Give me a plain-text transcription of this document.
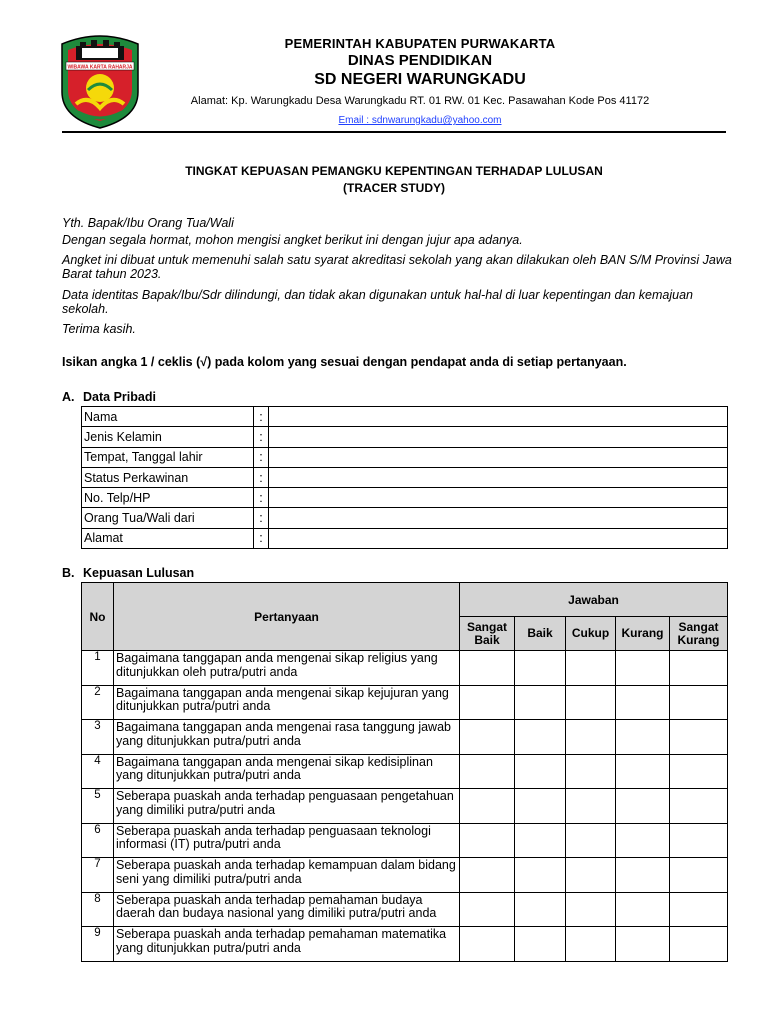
WIBAWA KARTA RAHARJA
PEMERINTAH KABUPATEN PURWAKARTA
DINAS PENDIDIKAN
SD NEGERI WARUNGKADU
Alamat: Kp. Warungkadu Desa Warungkadu RT. 01 RW. 01 Kec. Pasawahan Kode Pos 41172
Email : sdnwarungkadu@yahoo.com
TINGKAT KEPUASAN PEMANGKU KEPENTINGAN TERHADAP LULUSAN
(TRACER STUDY)
Yth. Bapak/Ibu Orang Tua/Wali
Dengan segala hormat, mohon mengisi angket berikut ini dengan jujur apa adanya.
Angket ini dibuat untuk memenuhi salah satu syarat akreditasi sekolah yang akan dilakukan oleh BAN S/M Provinsi Jawa Barat tahun 2023.
Data identitas Bapak/Ibu/Sdr dilindungi, dan tidak akan digunakan untuk hal-hal di luar kepentingan dan kemajuan sekolah.
Terima kasih.
Isikan angka 1 / ceklis (√) pada kolom yang sesuai dengan pendapat anda di setiap pertanyaan.
A. Data Pribadi
Nama	:	
Jenis Kelamin	:	
Tempat, Tanggal lahir	:	
Status Perkawinan	:	
No. Telp/HP	:	
Orang Tua/Wali dari	:	
Alamat	:	
B. Kepuasan Lulusan
No	Pertanyaan	Jawaban				
		Sangat Baik	Baik	Cukup	Kurang	Sangat Kurang
1	Bagaimana tanggapan anda mengenai sikap religius yang ditunjukkan oleh putra/putri anda					
2	Bagaimana tanggapan anda mengenai sikap kejujuran yang ditunjukkan putra/putri anda					
3	Bagaimana tanggapan anda mengenai rasa tanggung jawab yang ditunjukkan putra/putri anda					
4	Bagaimana tanggapan anda mengenai sikap kedisiplinan yang ditunjukkan putra/putri anda					
5	Seberapa puaskah anda terhadap penguasaan pengetahuan yang dimiliki putra/putri anda					
6	Seberapa puaskah anda terhadap penguasaan teknologi informasi (IT) putra/putri anda					
7	Seberapa puaskah anda terhadap kemampuan dalam bidang seni yang dimiliki putra/putri anda					
8	Seberapa puaskah anda terhadap pemahaman budaya daerah dan budaya nasional yang dimiliki putra/putri anda					
9	Seberapa puaskah anda terhadap pemahaman matematika yang ditunjukkan putra/putri anda					
